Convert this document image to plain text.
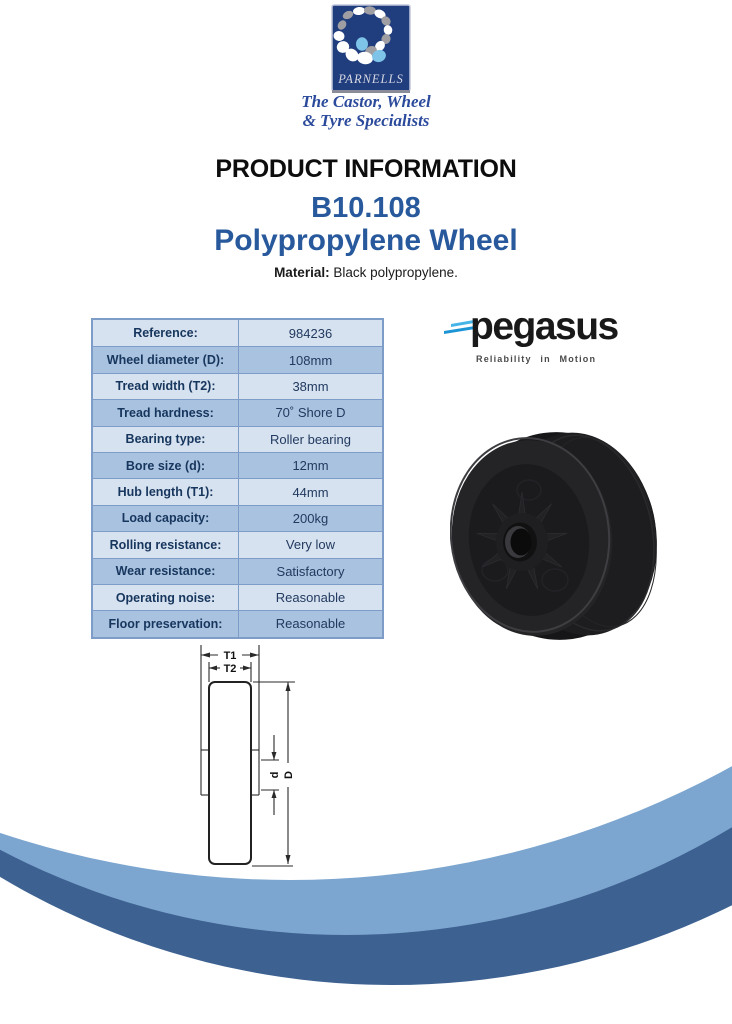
PARNELLS
The Castor, Wheel
& Tyre Specialists
PRODUCT INFORMATION
B10.108
Polypropylene Wheel
Material: Black polypropylene.
Reference:	984236
Wheel diameter (D):	108mm
Tread width (T2):	38mm
Tread hardness:	70˚ Shore D
Bearing type:	Roller bearing
Bore size (d):	12mm
Hub length (T1):	44mm
Load capacity:	200kg
Rolling resistance:	Very low
Wear resistance:	Satisfactory
Operating noise:	Reasonable
Floor preservation:	Reasonable
pegasus
Reliability in Motion
T1
T2
d D
